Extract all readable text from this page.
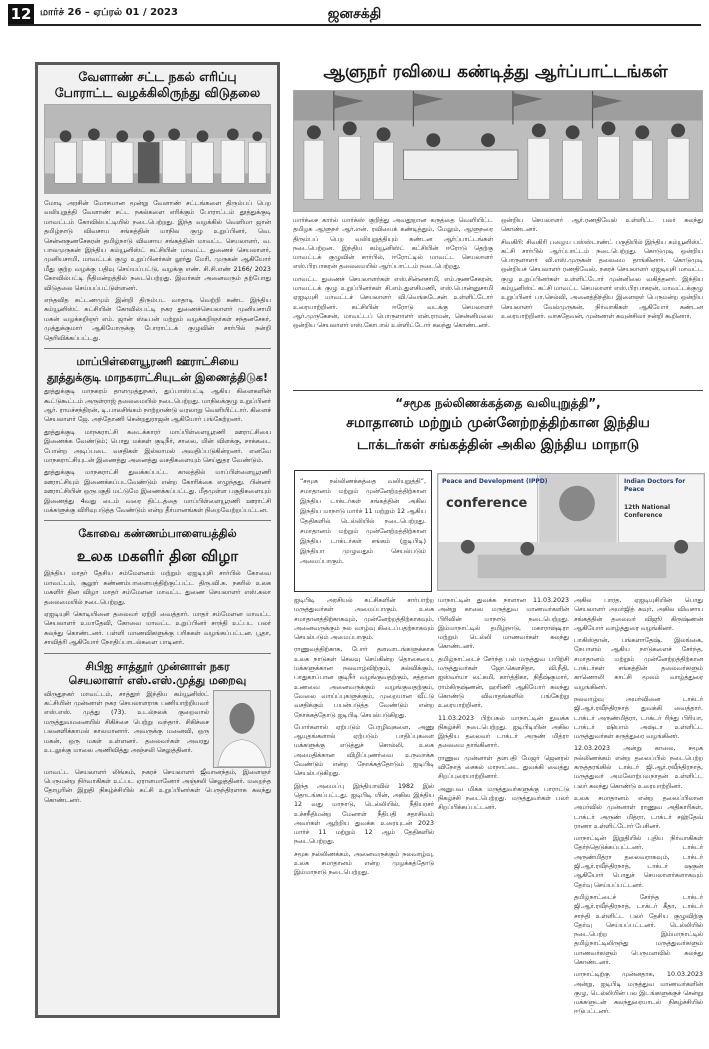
12 மார்ச் 26 – ஏப்ரல் 01 / 2023	ஜனசக்தி
வேளாண் சட்ட நகல் எரிப்பு
போராட்ட வழக்கிலிருந்து விடுதலை
மோடி அரசின் மோசமான மூன்று வேளாண் சட்டங்களை திரும்பப் பெற வலியுறுத்தி வேளாண் சட்ட நகல்களை எரிக்கும் போராட்டம் தூத்துக்குடி மாவட்டம் கோவில்பட்டியில் நடைபெற்றது. இந்த வழக்கில் வெளிமா ஜான் தமிழ்நாடு விவசாய சங்கத்தின் மாநில குழு உறுப்பினர், வெ. சென்னகுணசேகரன் தமிழ்நாடு விவசாய சங்கத்தின் மாவட்ட செயலாளர், வ. பாலமுருகன் இந்திய கம்யூனிஸ்ட் கட்சியின் மாவட்ட துணைச் செயலாளர், முனியசாமி, மாவட்டக் குழு உறுப்பினர்கள் லூர்து மேரி, முருகன் ஆகியோர் மீது குற்ற வழக்கு பதிவு செய்யப்பட்டு, வழக்கு எண். சி.சி.எண் 2166/ 2023 கோவில்பட்டி நீதிமன்றத்தில் நடைபெற்றது. இவர்கள் அனைவரும் தற்போது விடுதலை செய்யப்பட்டுள்ளனர்.
எந்தவித கட்டணமும் இன்றி திரும்பட வாதாடி வெற்றி கண்ட இந்திய கம்யூனிஸ்ட் கட்சியின் கோவில்பட்டி நகர துணைச்செயலாளர் முனியசாமி மகன் வழக்கறிஞர் எம். ஜான் ஸ்டீபன் மற்றும் வழக்கறிஞர்கள் சந்தனசேகர், முத்துக்குமார் ஆகியோருக்கு போராட்டக் குழுவின் சார்பில் நன்றி தெரிவிக்கப்பட்டது.
மாப்பிள்ளையூரணி ஊராட்சியை
தூத்துக்குடி மாநகராட்சியுடன் இணைத்திடுக!
தூத்துக்குடி மாநகரம் தாளமுத்துநகர், துப்பாஸ்பட்டி ஆகிய கிளைகளின் கூட்டுகூட்டம் அருள்ராஜ் தலைமையில் நடைபெற்றது. மாநிலக்குழு உறுப்பினர் ஆர். ராமச்சந்திரன், டி.பாலசிங்கம் நாற்றாண்டு வரலாறு வெளியிட்டார். கிளைச் செயலாளர் ஜே. அந்தோணி சென்றதுராஜன் ஆகியோர் பங்கேற்றனர்.
தூத்துக்குடி மாநகராட்சி கடைக்காரர் மாப்பிள்ளையூரணி ஊராட்சியை இணைக்க வேண்டும்; பொது மக்கள் குடிநீர், சாலை, மின் விளக்கு, சாக்கடை போன்ற அடிப்படை வசதிகள் இல்லாமல் அவதிப்படுகின்றனர். எனவே மாநகராட்சியுடன் இணைத்து அனைத்து வசதிகளையும் செய்துதர வேண்டும்.
தூத்துக்குடி மாநகராட்சி துவக்கப்பட்ட காலத்தில் மாப்பிள்ளையூரணி ஊராட்சியும் இணைக்கப்படவேண்டும் என்ற கோரிக்கை எழுந்தது. பின்னர் ஊராட்சியின் ஒருபகுதி மட்டுமே இணைக்கப்பட்டது. மீதமுள்ள பகுதிகளையும் இணைத்து 4வது டைம் வரை திட்டத்தை மாப்பிள்ளையூரணி ஊராட்சி மக்களுக்கு விரிவுபடுத்த வேண்டும் என்ற தீர்மானங்கள் நிறைவேற்றப்பட்டன.
கோவை கண்ணம்பாளையத்தில்
உலக மகளிர் தின விழா
இந்திய மாதர் தேசிய சம்மேளனம் மற்றும் ஏஐடியுசி சார்பில் கோவை மாவட்டம், சூலூர் கண்ணம்பாளையத்திற்குட்பட்ட திரு.வி.க. நகரில் உலக மகளிர் தின விழா மாதர் சம்மேளன மாவட்ட துணை செயலாளர் எஸ்.கலா தலைமையில் நடைபெற்றது.
ஏஐடியுசி கொடியினை தலைவர் ஏற்றி வைத்தார். மாதர் சம்மேளன மாவட்ட செயலாளர் உமாதேவி, கோவை மாவட்ட உறுப்பினர் சாந்தி உட்பட பலர் கலந்து கொண்டனர். பள்ளி மாணவிகளுக்கு பரிசுகள் வழங்கப்பட்டன. பூதா, சாவித்ரி ஆகியோர் நோதிப்பாடல்களை பாடினர்.
சிபிஐ சாத்தூர் முன்னாள் நகர
செயலாளர் எஸ்.எஸ்.முத்து மறைவு
விருதுநகர் மாவட்டம், சாத்தூர் இந்திய கம்யூனிஸ்ட் கட்சியின் முன்னாள் நகர செயலாளராக பணியாற்றியவர் எஸ்.எஸ். முத்து (73). உடல்நலக் குறைவால் மருத்துவமனையில் சிகிச்சை பெற்று வந்தார். சிகிச்சை பலனளிக்காமல் காலமானார். அவருக்கு மனைவி, ஒரு மகன், ஒரு மகள் உள்ளனர். தலைவர்கள் அவரது உடலுக்கு மாலை அணிவித்து அஞ்சலி செலுத்தினர்.
மாவட்ட செயலாளர் லிங்கம், நகரச் செயலாளர் ஜீவானந்தம், இளைஞர் பெருமன்ற நிர்வாகிகள் உட்பட ஏராளமானோர் அஞ்சலி செலுத்தினர். மறைந்த தோழரின் இறுதி நிகழ்ச்சியில் கட்சி உறுப்பினர்கள் பெருந்திரளாக கலந்து கொண்டனர்.
ஆளுநர் ரவியை கண்டித்து ஆர்ப்பாட்டங்கள்
மார்க்சை கார்ல் மார்க்ஸ் குறித்து அவதூறான கருத்தை வெளியிட்ட தமிழக ஆளுநர் ஆர்.என். ரவியைக் கண்டித்தும், மேலும், ஆளுநரை திரும்பப் பெற வலியுறுத்தியும் கண்டன ஆர்ப்பாட்டங்கள் நடைபெற்றன. இந்திய கம்யூனிஸ்ட் கட்சியின் ஈரோடு தெற்கு மாவட்டக் குழுவின் சார்பில், ஈரோட்டில் மாவட்ட செயலாளர் எஸ்.பிரபாகரன் தலைமையில் ஆர்ப்பாட்டம் நடைபெற்றது.
மாவட்ட துணைச் செயலாளர்கள் எஸ்.சின்னசாமி, எம்.குணசேகரன், மாவட்டக் குழு உறுப்பினர்கள் சி.எம்.துளசிமணி, எஸ்.பொன்னுசாமி ஏஐடியுசி மாவட்டச் செயலாளர் வி.வெங்கடேசன் உள்ளிட்டோர் உரையாற்றினர். கட்சியின் ஈரோடு வடக்கு செயலாளர் ஆர்.முருகேசன், மாவட்டப் பொருளாளர் என்.ராமன், சென்னிமலை ஒன்றிய செயலாளர் எஸ்.கோபால் உள்ளிட்டோர் கலந்து கொண்டனர்.
ஒன்றிய செயலாளர் ஆர்.ரணதிவேல் உள்ளிட்ட பலர் கலந்து கொண்டனர்.
சிவகிரி: சிவகிரி பழைய பஸ்ஸ்டாண்ட் பகுதியில் இந்திய கம்யூனிஸ்ட் கட்சி சார்பில் ஆர்ப்பாட்டம் நடைபெற்றது. கொடுமுடி ஒன்றிய பொருளாளர் வி.எஸ்.முருகன் தலைமை தாங்கினார். கொடுமுடி ஒன்றியச் செயலாளர் ரணதிவேல், நகரச் செயலாளர் ஏஐடியுசி மாவட்ட குழு உறுப்பினர்கள் உள்ளிட்டோர் முன்னிலை வகித்தனர். இந்திய கம்யூனிஸ்ட் கட்சி மாவட்ட செயலாளர் எஸ்.பிரபாகரன், மாவட்டக்குழு உறுப்பினர் பா.செல்வி, அனைத்திந்திய இளைஞர் பெருமன்ற ஒன்றிய செயலாளர் வேல்முருகன், நிர்வாகிகள் ஆகியோர் கண்டன உரையாற்றினர். வாசுதேவன், முன்னாள் கவுன்சிலர் நன்றி கூறினார்.
“சமூக நல்லிணக்கத்தை வலியுறுத்தி”,
சமாதானம் மற்றும் முன்னேற்றத்திற்கான இந்திய
டாக்டர்கள் சங்கத்தின் அகில இந்திய மாநாடு
“சமூக நல்லிணக்கத்தை வலியுறுத்தி”, சமாதானம் மற்றும் முன்னேற்றத்திற்கான இந்திய டாக்டர்கள் சங்கத்தின் அகில இந்திய மாநாடு மார்ச் 11 மற்றும் 12 ஆகிய தேதிகளில் டெல்லியில் நடைபெற்றது. சமாதானம் மற்றும் முன்னேற்றத்திற்கான இந்திய டாக்டர்கள் சங்கம் (ஐடிபிடி) இந்தியா முழுவதும் செயல்படும் அமைப்பாகும்.
Peace and Development (IPPD)
conference
Indian Doctors for Peace
12th National Conference
ஐடிபிடி அரசியல் கட்சிகளின் சார்பாற்ற மருத்துவர்கள் அமைப்பாகும். உலக சமாதானத்திற்காகவும், முன்னேற்றத்திற்காகவும், அனைவருக்கும் நல வாழ்வு கிடைப்பதற்காகவும் செயல்படும் அமைப்பாகும்.
ராணுவத்திற்காக, போர் தளவாடங்களுக்காக உலக நாடுகள் செலவு செய்கின்ற தொகையை, மக்களுக்கான நலவாழ்விற்கும், கல்விக்கும், பாதுகாப்பான குடிநீர் வழங்குவதற்கும், சத்தான உணவை அனைவருக்கும் வழங்குவதற்கும், வேலை வாய்ப்புகளுக்கும், முறையான வீட்டு வசதிக்கும் பயன்படுத்த வேண்டும் என்ற நோக்கத்தோடு ஐடிபிடி செயல்படுகிறது.
போர்களால் ஏற்படும் பேரழிவுகளை, அணு ஆயுதங்களால் ஏற்படும் பாதிப்புகளை மக்களுக்கு எடுத்துச் சொல்லி, உலக அமைதிக்கான விழிப்புணர்வை உருவாக்க வேண்டும் என்ற நோக்கத்தோடும் ஐடிபிடி செயல்படுகிறது.
இந்த அமைப்பு இந்தியாவில் 1982 இல் தொடங்கப்பட்டது. ஐடிபிடி யின், அகில இந்திய 12 வது மாநாடு, டெல்லியில், நீதியரசர் உச்சநீதிமன்ற மேனாள் நீதிபதி சதாசிவம் அவர்கள் ஆற்றிய துவக்க உரையுடன் 2023 மார்ச் 11 மற்றும் 12 ஆம் தேதிகளில் நடைபெற்றது.
சமூக நல்லிணக்கம், அனைவருக்கும் நலவாழ்வு, உலக சமாதானம் என்ற முழக்கத்தோடு இம்மாநாடு நடைபெற்றது.
மாநாட்டின் துவக்க நாளான 11.03.2023 அன்று காலை மருத்துவ மாணவர்களின் பிரிவின் மாநாடு நடைபெற்றது. இம்மாநாட்டில் தமிழ்நாடு, மகாராஷ்டிரா மற்றும் டெல்லி மாணவர்கள் கலந்து கொண்டனர்.
தமிழ்நாட்டைச் சேர்ந்த பல் மருத்துவ பயிற்சி மருத்துவர்கள் ஜோ.கௌசிதா, வி.நீதி, ஐஸ்வர்யா லட்சுமி, கார்த்திகா, நிதீஷ்குமார், ராம்கிருஷ்ணன், ஹரிணி ஆகியோர் கலந்து கொண்டு விவாதங்களில் பங்கேற்று உரையாற்றினர்.
11.03.2023 பிற்பகல் மாநாட்டின் துவக்க நிகழ்ச்சி நடைபெற்றது. ஐடிபிடியின் அகில இந்திய தலைவர் டாக்டர் அருண் மித்ரா தலைமை தாங்கினார்.
ராணுவ முன்னாள் தளபதி மேஜர் ஜெனரல் விநோத் சைகல் மாநாட்டை துவக்கி வைத்து சிறப்புரையாற்றினார்.
அனுபவ மிக்க மருத்துவர்களுக்கு பாராட்டு நிகழ்ச்சி நடைபெற்றது. மருத்துவர்கள் பலர் சிறப்பிக்கப்பட்டனர்.
அகில பாரத, ஏஐடியுசியின் பொது செயலாளர் அமர்ஜித் கவுர், அகில விவசாய சங்கத்தின் தலைவர் விஜூ கிருஷ்ணன் ஆகியோர் வாழ்த்துரை வழங்கினர்.
பாகிஸ்தான், பங்களாதேஷ், இலங்கை, நேபாளம் ஆகிய நாடுகளைச் சேர்ந்த, சமாதானம் மற்றும் முன்னேற்றத்திற்கான டாக்டர்கள் சங்கத்தின் தலைவர்களும் காணொலி காட்சி மூலம் வாழ்த்துரை வழங்கினர்.
நலவாழ்வு அமர்வினை டாக்டர் ஜி.ஆர்.ரவீந்திரநாத் துவக்கி வைத்தார். டாக்டர் அருண்மித்ரா, டாக்டர் ரிந்து பிரியா, டாக்டர் ஷியாம் அஷ்டா உள்ளிட்ட மருத்துவர்கள் கருத்துரை வழங்கினர்.
12.03.2023 அன்று காலை, சமூக நல்லிணக்கம் என்ற தலைப்பில் நடைபெற்ற கருத்தரங்கில் டாக்டர் ஜி.ஆர்.ரவீந்திரநாத், மருத்துவர் அமலோற்பவநாதன் உள்ளிட்ட பலர் கலந்து கொண்டு உரையாற்றினர்.
உலக சமாதானம் என்ற தலைப்பிலான அமர்வில் முன்னாள் ராணுவ அதிகாரிகள், டாக்டர் அருண் மித்ரா, டாக்டர் சஹ்தேவ் ராணா உள்ளிட்டோர் பேசினர்.
மாநாட்டின் இறுதியில் புதிய நிர்வாகிகள் தேர்ந்தெடுக்கப்பட்டனர். டாக்டர் அருண்மித்ரா தலைவராகவும், டாக்டர் ஜி.ஆர்.ரவீந்திரநாத், டாக்டர் ஷகுன் ஆகியோர் பொதுச் செயலாளர்களாகவும் தேர்வு செய்யப்பட்டனர்.
தமிழ்நாட்டைச் சேர்ந்த டாக்டர் ஜி.ஆர்.ரவீந்திரநாத், டாக்டர் கீதா, டாக்டர் சாந்தி உள்ளிட்ட பலர் தேசிய குழுவிற்கு தேர்வு செய்யப்பட்டனர். டெல்லியில் நடைபெற்ற இம்மாநாட்டில் தமிழ்நாட்டிலிருந்து மருத்துவர்களும் மாணவர்களும் பெருமளவில் கலந்து கொண்டனர்.
மாநாட்டிற்கு முன்னதாக, 10.03.2023 அன்று, ஐடிபிடி மருத்துவ மாணவர்களின் குழு, டெல்லியின் பல இடங்களுக்குச் சென்று மக்களுடன் கலந்துரையாடல் நிகழ்ச்சியில் ஈடுபட்டனர்.
